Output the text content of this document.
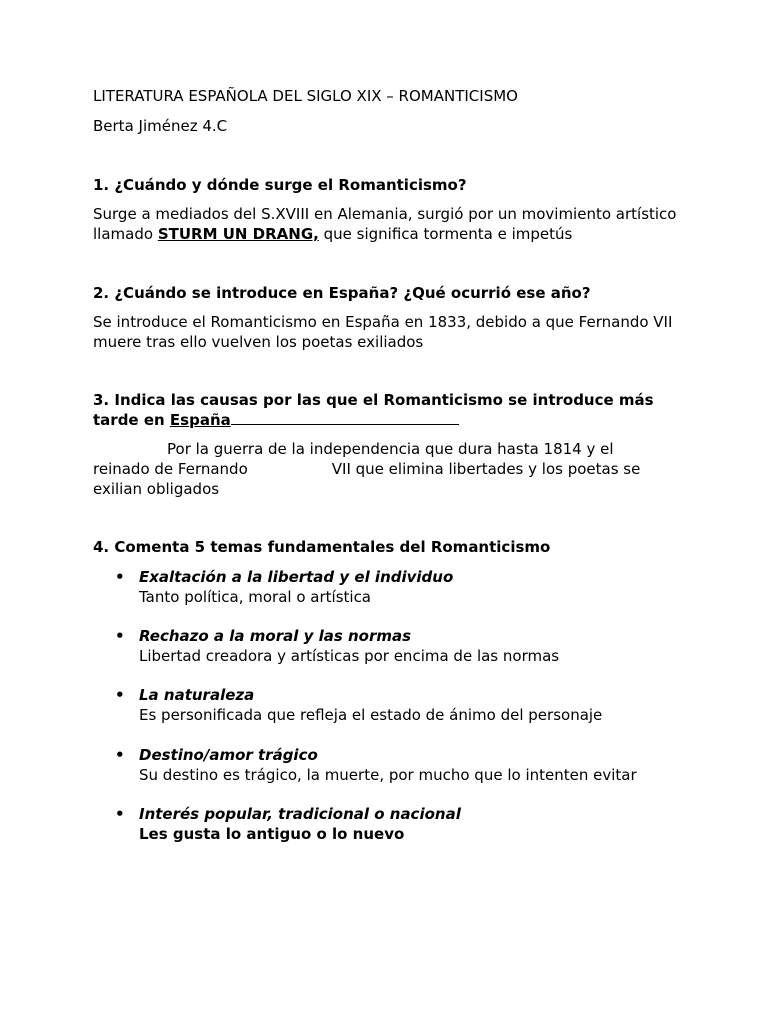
LITERATURA ESPAÑOLA DEL SIGLO XIX – ROMANTICISMO

Berta Jiménez 4.C

1. ¿Cuándo y dónde surge el Romanticismo?

Surge a mediados del S.XVIII en Alemania, surgió por un movimiento artístico llamado STURM UN DRANG, que significa tormenta e impetús

2. ¿Cuándo se introduce en España? ¿Qué ocurrió ese año?

Se introduce el Romanticismo en España en 1833, debido a que Fernando VII muere tras ello vuelven los poetas exiliados

3. Indica las causas por las que el Romanticismo se introduce más
tarde en España

Por la guerra de la independencia que dura hasta 1814 y el
reinado de Fernando	VII que elimina libertades y los poetas se
exilian obligados

4. Comenta 5 temas fundamentales del Romanticismo

• Exaltación a la libertad y el individuo
Tanto política, moral o artística
• Rechazo a la moral y las normas
Libertad creadora y artísticas por encima de las normas
• La naturaleza
Es personificada que refleja el estado de ánimo del personaje
• Destino/amor trágico
Su destino es trágico, la muerte, por mucho que lo intenten evitar
• Interés popular, tradicional o nacional
Les gusta lo antiguo o lo nuevo
